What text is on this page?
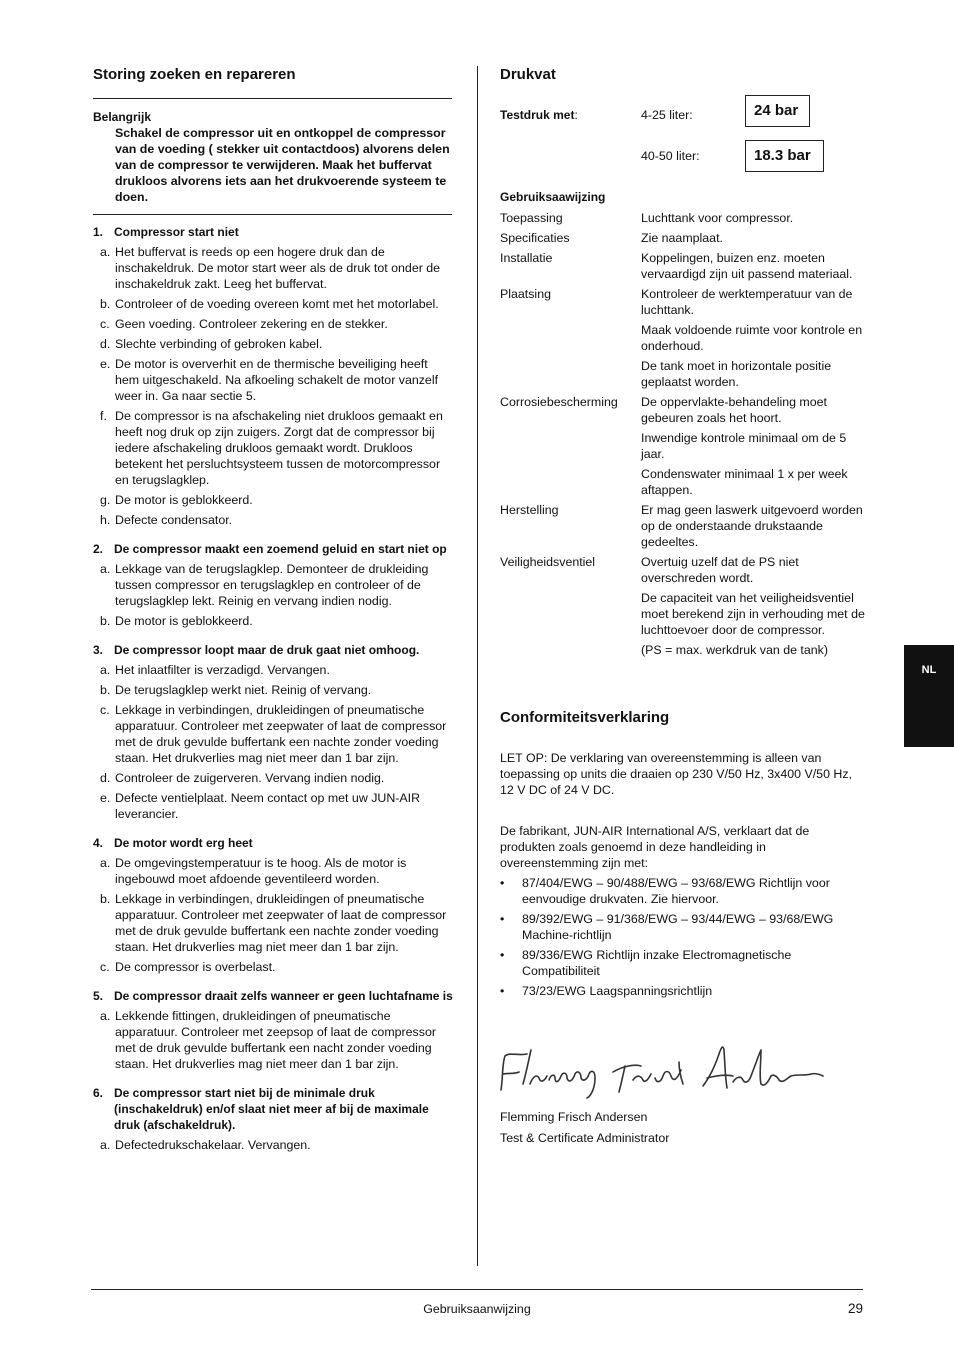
Storing zoeken en repareren
Belangrijk
Schakel de compressor uit en ontkoppel de compressor van de voeding ( stekker uit contactdoos) alvorens delen van de compressor te verwijderen. Maak het buffervat drukloos alvorens iets aan het drukvoerende systeem te doen.
1. Compressor start niet
a. Het buffervat is reeds op een hogere druk dan de inschakeldruk. De motor start weer als de druk tot onder de inschakeldruk zakt. Leeg het buffervat.
b. Controleer of de voeding overeen komt met het motorlabel.
c. Geen voeding. Controleer zekering en de stekker.
d. Slechte verbinding of gebroken kabel.
e. De motor is oververhit en de thermische beveiliging heeft hem uitgeschakeld. Na afkoeling schakelt de motor vanzelf weer in. Ga naar sectie 5.
f. De compressor is na afschakeling niet drukloos gemaakt en heeft nog druk op zijn zuigers. Zorgt dat de compressor bij iedere afschakeling drukloos gemaakt wordt. Drukloos betekent het persluchtsysteem tussen de motorcompressor en terugslagklep.
g. De motor is geblokkeerd.
h. Defecte condensator.
2. De compressor maakt een zoemend geluid en start niet op
a. Lekkage van de terugslagklep. Demonteer de drukleiding tussen compressor en terugslagklep en controleer of de terugslagklep lekt. Reinig en vervang indien nodig.
b. De motor is geblokkeerd.
3. De compressor loopt maar de druk gaat niet omhoog.
a. Het inlaatfilter is verzadigd. Vervangen.
b. De terugslagklep werkt niet. Reinig of vervang.
c. Lekkage in verbindingen, drukleidingen of pneumatische apparatuur. Controleer met zeepwater of laat de compressor met de druk gevulde buffertank een nachte zonder voeding staan. Het drukverlies mag niet meer dan 1 bar zijn.
d. Controleer de zuigerveren. Vervang indien nodig.
e. Defecte ventielplaat. Neem contact op met uw JUN-AIR leverancier.
4. De motor wordt erg heet
a. De omgevingstemperatuur is te hoog. Als de motor is ingebouwd moet afdoende geventileerd worden.
b. Lekkage in verbindingen, drukleidingen of pneumatische apparatuur. Controleer met zeepwater of laat de compressor met de druk gevulde buffertank een nachte zonder voeding staan. Het drukverlies mag niet meer dan 1 bar zijn.
c. De compressor is overbelast.
5. De compressor draait zelfs wanneer er geen luchtafname is
a. Lekkende fittingen, drukleidingen of pneumatische apparatuur. Controleer met zeepsop of laat de compressor met de druk gevulde buffertank een nacht zonder voeding staan. Het drukverlies mag niet meer dan 1 bar zijn.
6. De compressor start niet bij de minimale druk (inschakeldruk) en/of slaat niet meer af bij de maximale druk (afschakeldruk).
a. Defectedrukschakelaar. Vervangen.
Drukvat
Testdruk met:	4-25 liter:	24 bar
40-50 liter:	18.3 bar
Gebruiksaawijzing
Toepassing	Luchttank voor compressor.
Specificaties	Zie naamplaat.
Installatie	Koppelingen, buizen enz. moeten vervaardigd zijn uit passend materiaal.
Plaatsing	Kontroleer de werktemperatuur van de luchttank.
Maak voldoende ruimte voor kontrole en onderhoud.
De tank moet in horizontale positie geplaatst worden.
Corrosiebescherming	De oppervlakte-behandeling moet gebeuren zoals het hoort.
Inwendige kontrole minimaal om de 5 jaar.
Condenswater minimaal 1 x per week aftappen.
Herstelling	Er mag geen laswerk uitgevoerd worden op de onderstaande drukstaande gedeeltes.
Veiligheidsventiel	Overtuig uzelf dat de PS niet overschreden wordt.
De capaciteit van het veiligheidsventiel moet berekend zijn in verhouding met de luchttoevoer door de compressor.
(PS = max. werkdruk van de tank)
Conformiteitsverklaring
LET OP: De verklaring van overeenstemming is alleen van toepassing op units die draaien op 230 V/50 Hz, 3x400 V/50 Hz, 12 V DC of 24 V DC.
De fabrikant, JUN-AIR International A/S, verklaart dat de produkten zoals genoemd in deze handleiding in overeenstemming zijn met:
•	87/404/EWG – 90/488/EWG – 93/68/EWG Richtlijn voor eenvoudige drukvaten. Zie hiervoor.
•	89/392/EWG – 91/368/EWG – 93/44/EWG – 93/68/EWG Machine-richtlijn
•	89/336/EWG Richtlijn inzake Electromagnetische Compatibiliteit
•	73/23/EWG Laagspanningsrichtlijn
Flemming Frisch Andersen
Test & Certificate Administrator
NL
Gebruiksaanwijzing	29
